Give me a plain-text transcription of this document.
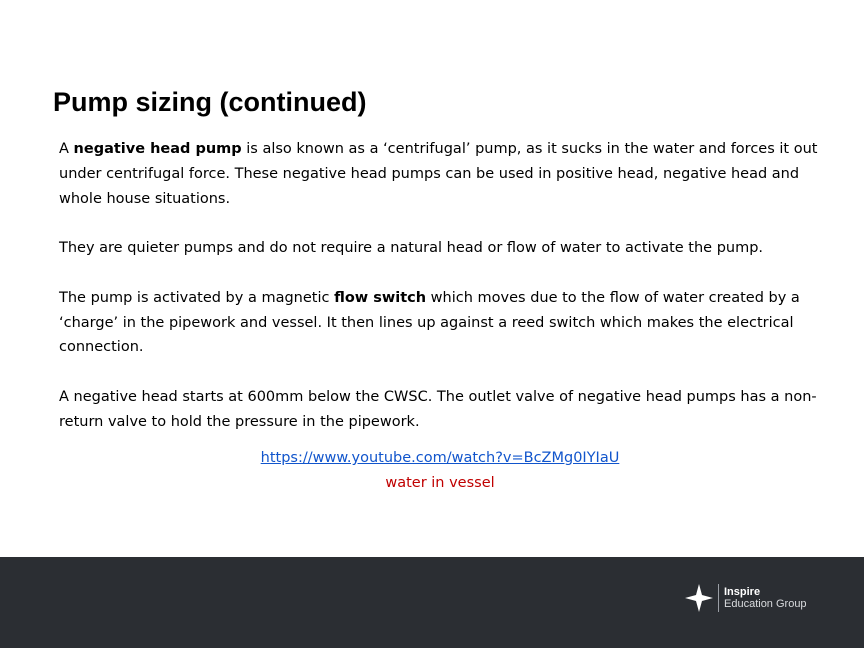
Pump sizing (continued)

A negative head pump is also known as a ‘centrifugal’ pump, as it sucks in the water and forces it out under centrifugal force. These negative head pumps can be used in positive head, negative head and whole house situations.

They are quieter pumps and do not require a natural head or flow of water to activate the pump.

The pump is activated by a magnetic flow switch which moves due to the flow of water created by a ‘charge’ in the pipework and vessel. It then lines up against a reed switch which makes the electrical connection.

A negative head starts at 600mm below the CWSC. The outlet valve of negative head pumps has a non-return valve to hold the pressure in the pipework.

https://www.youtube.com/watch?v=BcZMg0IYIaU
water in vessel
Inspire
Education Group
